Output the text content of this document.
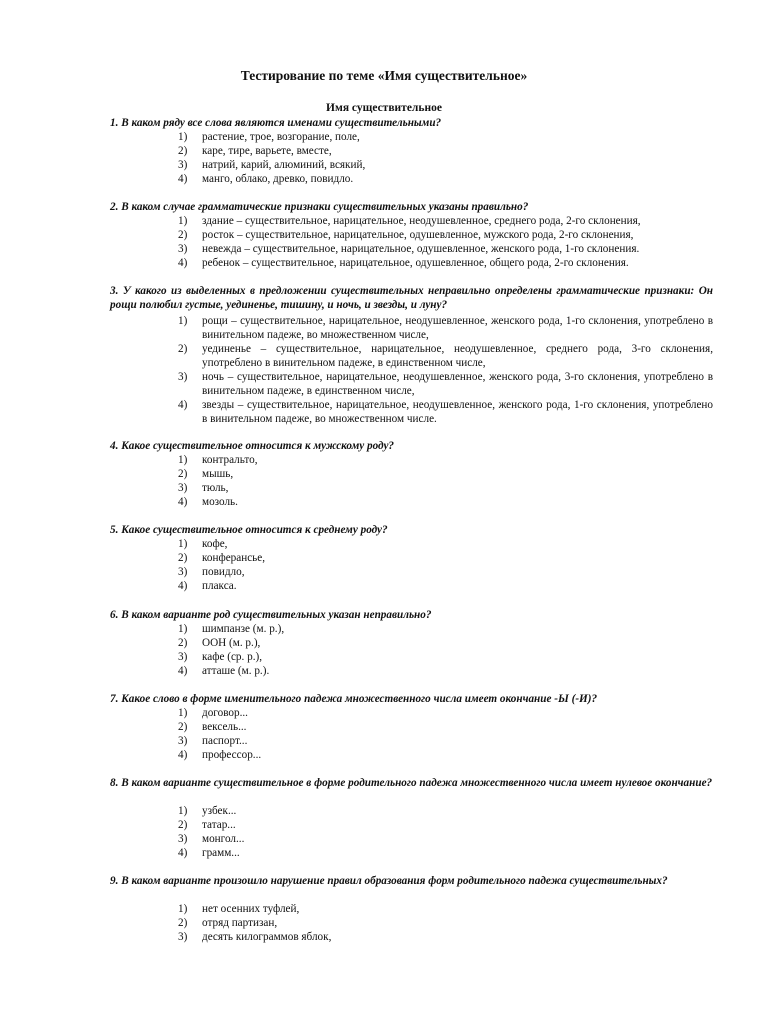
Тестирование по теме «Имя существительное»
Имя существительное
1. В каком ряду все слова являются именами существительными?
1) растение, трое, возгорание, поле,
2) каре, тире, варьете, вместе,
3) натрий, карий, алюминий, всякий,
4) манго, облако, древко, повидло.
2. В каком случае грамматические признаки существительных указаны правильно?
1) здание – существительное, нарицательное, неодушевленное, среднего рода, 2-го склонения,
2) росток – существительное, нарицательное, одушевленное, мужского рода, 2-го склонения,
3) невежда – существительное, нарицательное, одушевленное, женского рода, 1-го склонения.
4) ребенок – существительное, нарицательное, одушевленное, общего рода, 2-го склонения.
3. У какого из выделенных в предложении существительных неправильно определены грамматические признаки: Он рощи полюбил густые, уединенье, тишину, и ночь, и звезды, и луну?
1) рощи – существительное, нарицательное, неодушевленное, женского рода, 1-го склонения, употреблено в винительном падеже, во множественном числе,
2) уединенье – существительное, нарицательное, неодушевленное, среднего рода, 3-го склонения, употреблено в винительном падеже, в единственном числе,
3) ночь – существительное, нарицательное, неодушевленное, женского рода, 3-го склонения, употреблено в винительном падеже, в единственном числе,
4) звезды – существительное, нарицательное, неодушевленное, женского рода, 1-го склонения, употреблено в винительном падеже, во множественном числе.
4. Какое существительное относится к мужскому роду?
1) контральто,
2) мышь,
3) тюль,
4) мозоль.
5. Какое существительное относится к среднему роду?
1) кофе,
2) конферансье,
3) повидло,
4) плакса.
6. В каком варианте род существительных указан неправильно?
1) шимпанзе (м. р.),
2) ООН (м. р.),
3) кафе (ср. р.),
4) атташе (м. р.).
7. Какое слово в форме именительного падежа множественного числа имеет окончание -Ы (-И)?
1) договор...
2) вексель...
3) паспорт...
4) профессор...
8. В каком варианте существительное в форме родительного падежа множественного числа имеет нулевое окончание?
1) узбек...
2) татар...
3) монгол...
4) грамм...
9. В каком варианте произошло нарушение правил образования форм родительного падежа существительных?
1) нет осенних туфлей,
2) отряд партизан,
3) десять килограммов яблок,
